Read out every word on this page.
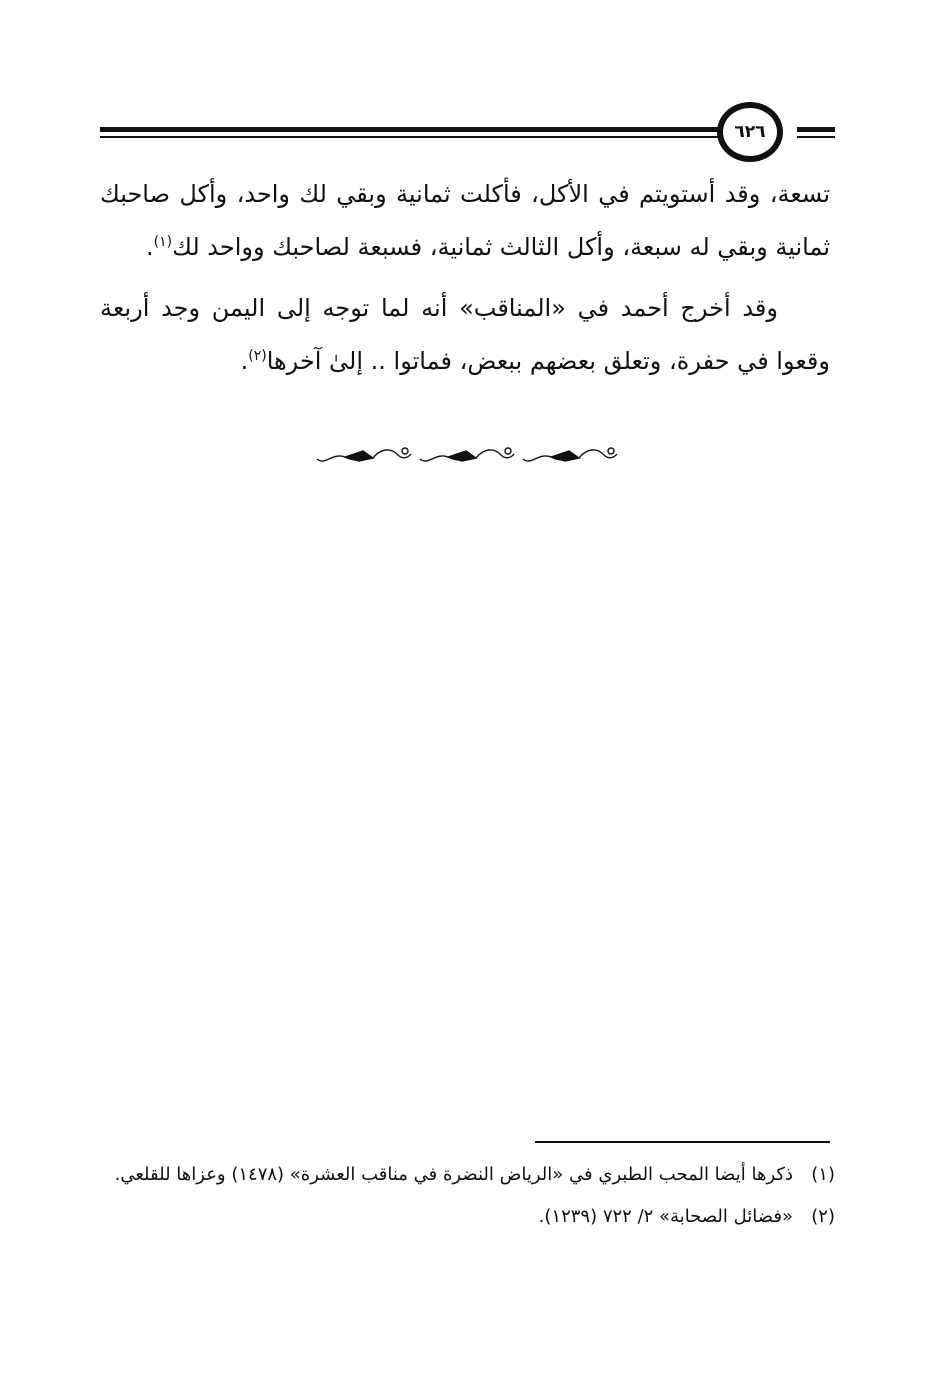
٦٢٦

تسعة، وقد أستويتم في الأكل، فأكلت ثمانية وبقي لك واحد، وأكل صاحبك ثمانية وبقي له سبعة، وأكل الثالث ثمانية، فسبعة لصاحبك وواحد لك$^{(١)}$.

وقد أخرج أحمد في «المناقب» أنه لما توجه إلى اليمن وجد أربعة وقعوا في حفرة، وتعلق بعضهم ببعض، فماتوا .. إلىٰ آخرها$^{(٢)}$.

(١)
ذكرها أيضا المحب الطبري في «الرياض النضرة في مناقب العشرة» (١٤٧٨) وعزاها للقلعي.
(٢)
«فضائل الصحابة» ٢/ ٧٢٢ (١٢٣٩).
